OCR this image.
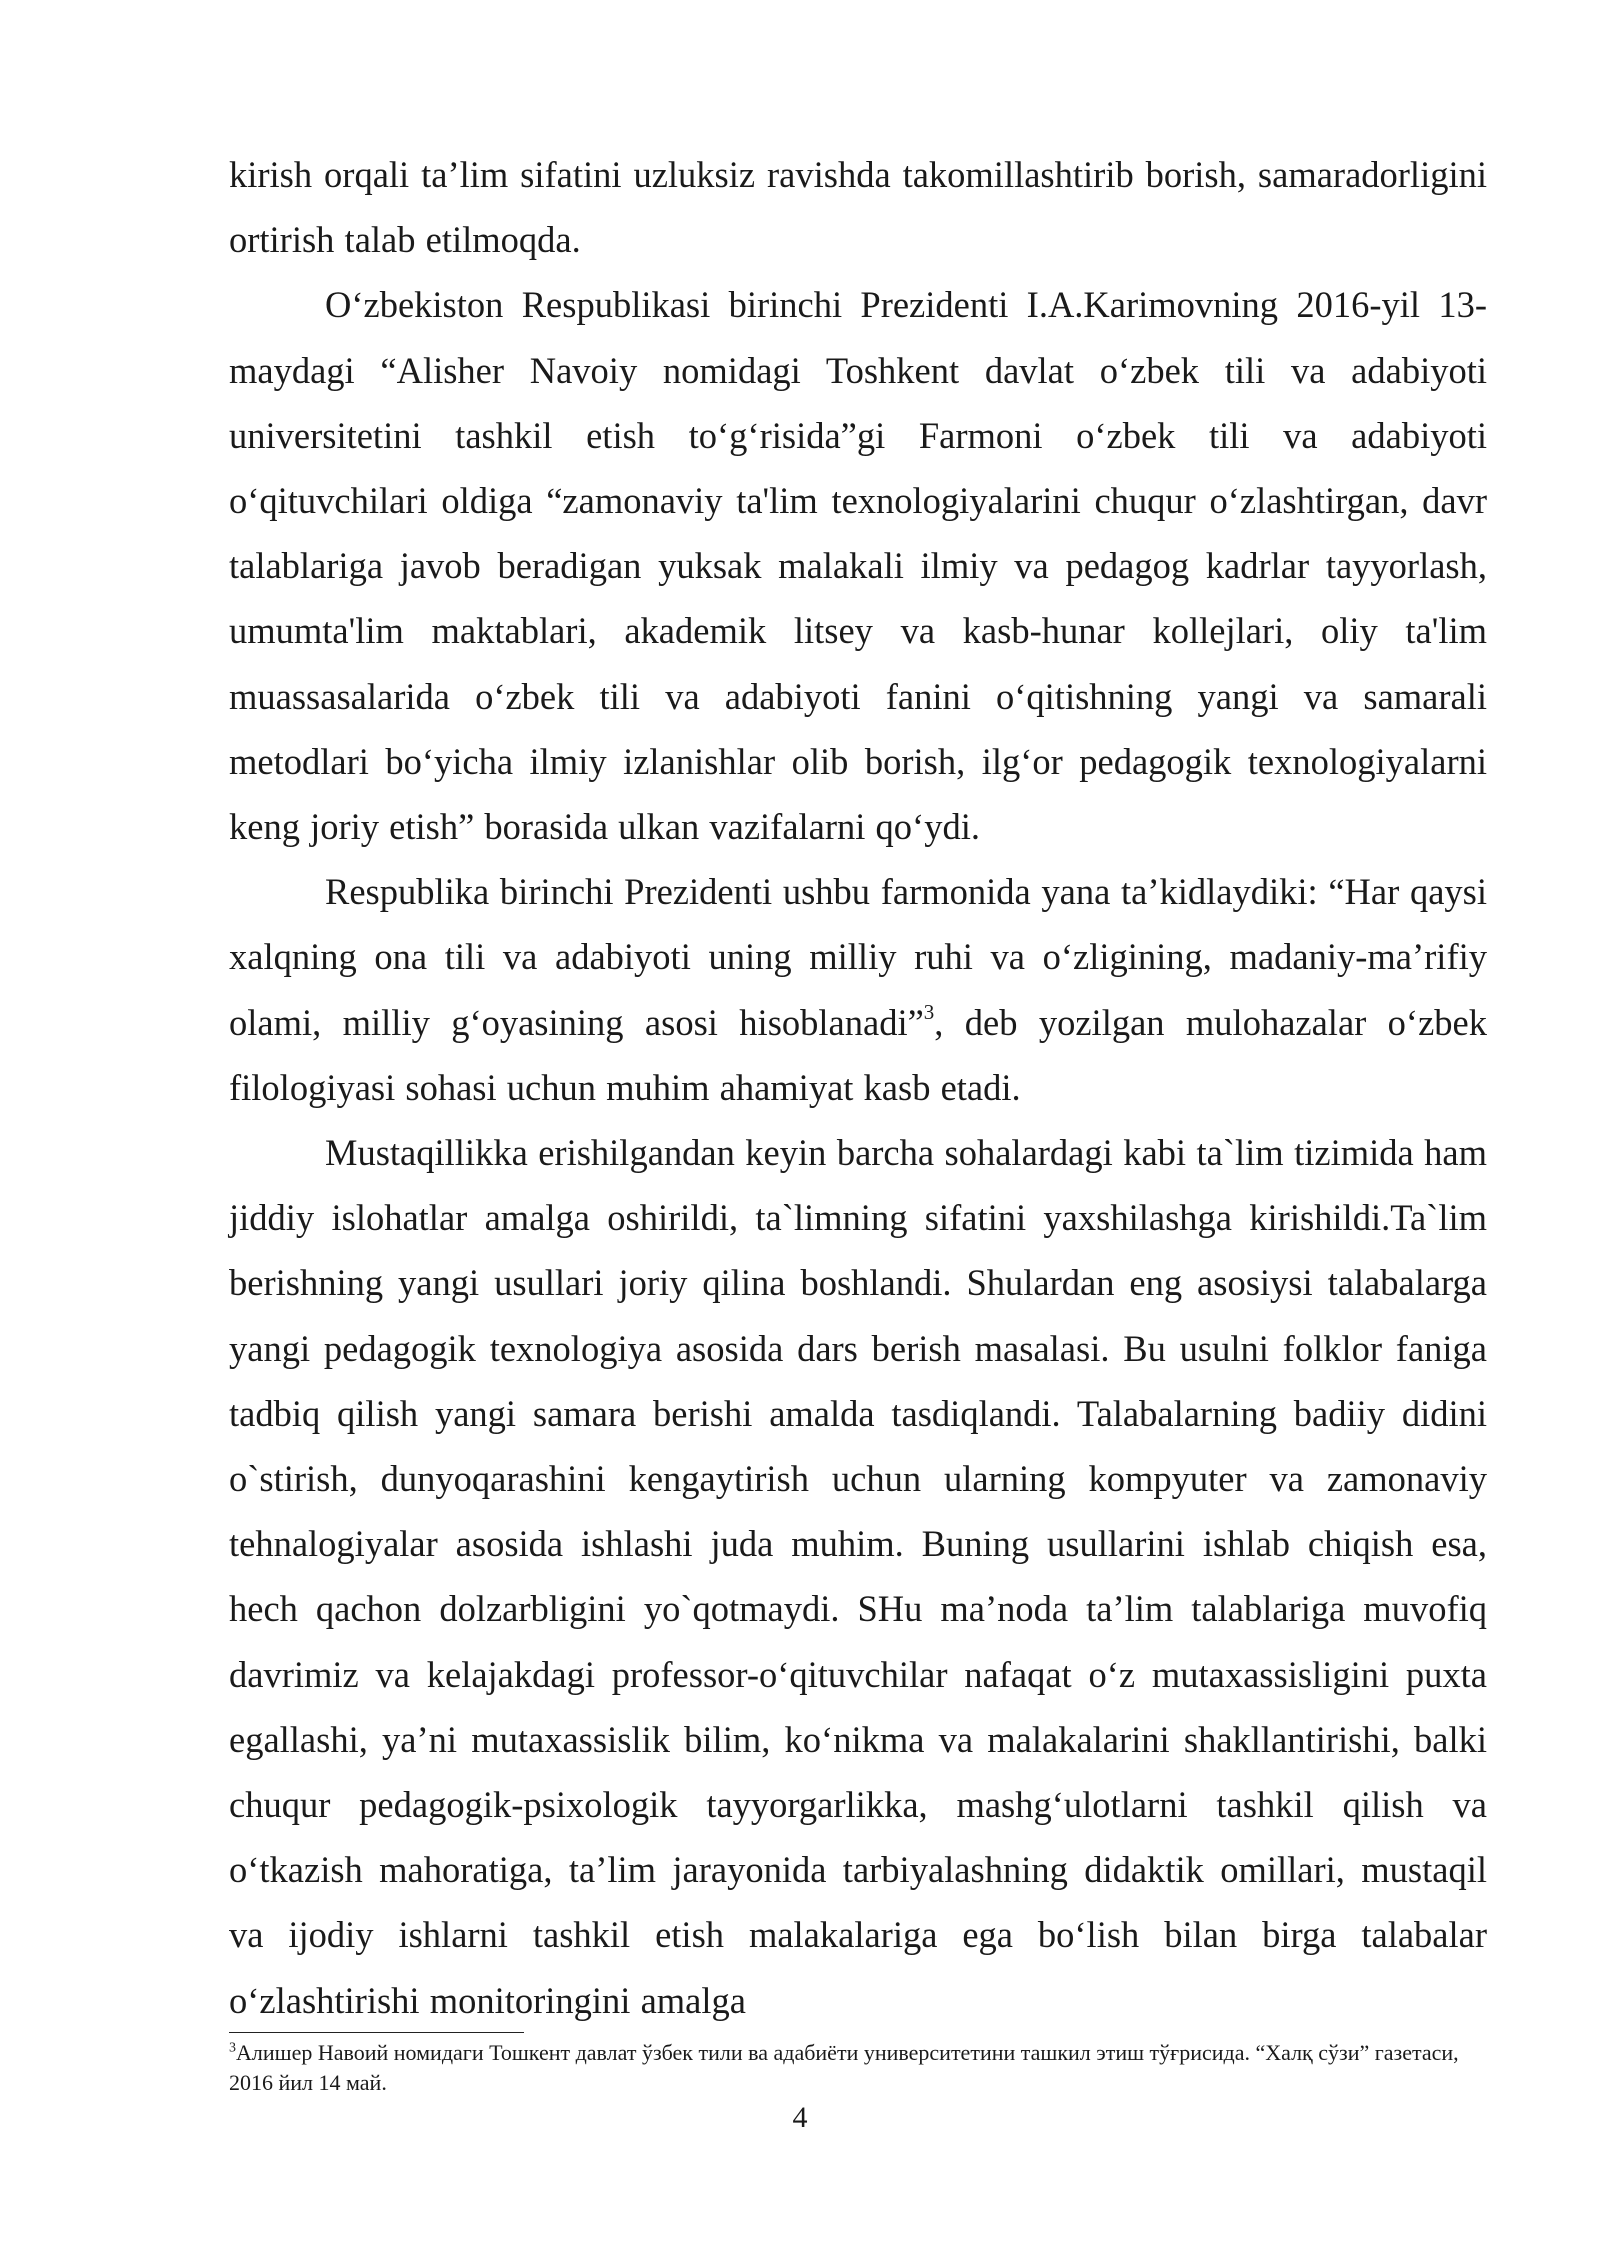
kirish orqali ta’lim sifatini uzluksiz ravishda takomillashtirib borish, samaradorligini ortirish talab etilmoqda.

O‘zbekiston Respublikasi birinchi Prezidenti I.A.Karimovning 2016-yil 13-maydagi “Alisher Navoiy nomidagi Toshkent davlat o‘zbek tili va adabiyoti universitetini tashkil etish to‘g‘risida”gi Farmoni o‘zbek tili va adabiyoti o‘qituvchilari oldiga “zamonaviy ta'lim texnologiyalarini chuqur o‘zlashtirgan, davr talablariga javob beradigan yuksak malakali ilmiy va pedagog kadrlar tayyorlash, umumta'lim maktablari, akademik litsey va kasb-hunar kollejlari, oliy ta'lim muassasalarida o‘zbek tili va adabiyoti fanini o‘qitishning yangi va samarali metodlari bo‘yicha ilmiy izlanishlar olib borish, ilg‘or pedagogik texnologiyalarni keng joriy etish” borasida ulkan vazifalarni qo‘ydi.

Respublika birinchi Prezidenti ushbu farmonida yana ta’kidlaydiki: “Har qaysi xalqning ona tili va adabiyoti uning milliy ruhi va o‘zligining, madaniy-ma’rifiy olami, milliy g‘oyasining asosi hisoblanadi”$^3$, deb yozilgan mulohazalar o‘zbek filologiyasi sohasi uchun muhim ahamiyat kasb etadi.

Mustaqillikka erishilgandan keyin barcha sohalardagi kabi ta`lim tizimida ham jiddiy islohatlar amalga oshirildi, ta`limning sifatini yaxshilashga kirishildi.Ta`lim berishning yangi usullari joriy qilina boshlandi. Shulardan eng asosiysi talabalarga yangi pedagogik texnologiya asosida dars berish masalasi. Bu usulni folklor faniga tadbiq qilish yangi samara berishi amalda tasdiqlandi. Talabalarning badiiy didini o`stirish, dunyoqarashini kengaytirish uchun ularning kompyuter va zamonaviy tehnalogiyalar asosida ishlashi juda muhim. Buning usullarini ishlab chiqish esa, hech qachon dolzarbligini yo`qotmaydi. SHu ma’noda ta’lim talablariga muvofiq davrimiz va kelajakdagi professor-o‘qituvchilar nafaqat o‘z mutaxassisligini puxta egallashi, ya’ni mutaxassislik bilim, ko‘nikma va malakalarini shakllantirishi, balki chuqur pedagogik-psixologik tayyorgarlikka, mashg‘ulotlarni tashkil qilish va o‘tkazish mahoratiga, ta’lim jarayonida tarbiyalashning didaktik omillari, mustaqil va ijodiy ishlarni tashkil etish malakalariga ega bo‘lish bilan birga talabalar o‘zlashtirishi monitoringini amalga

$^3$Алишер Навоий номидаги Тошкент давлат ўзбек тили ва адабиёти университетини ташкил этиш тўғрисида. “Халқ сўзи” газетаси, 2016 йил 14 май.
4
